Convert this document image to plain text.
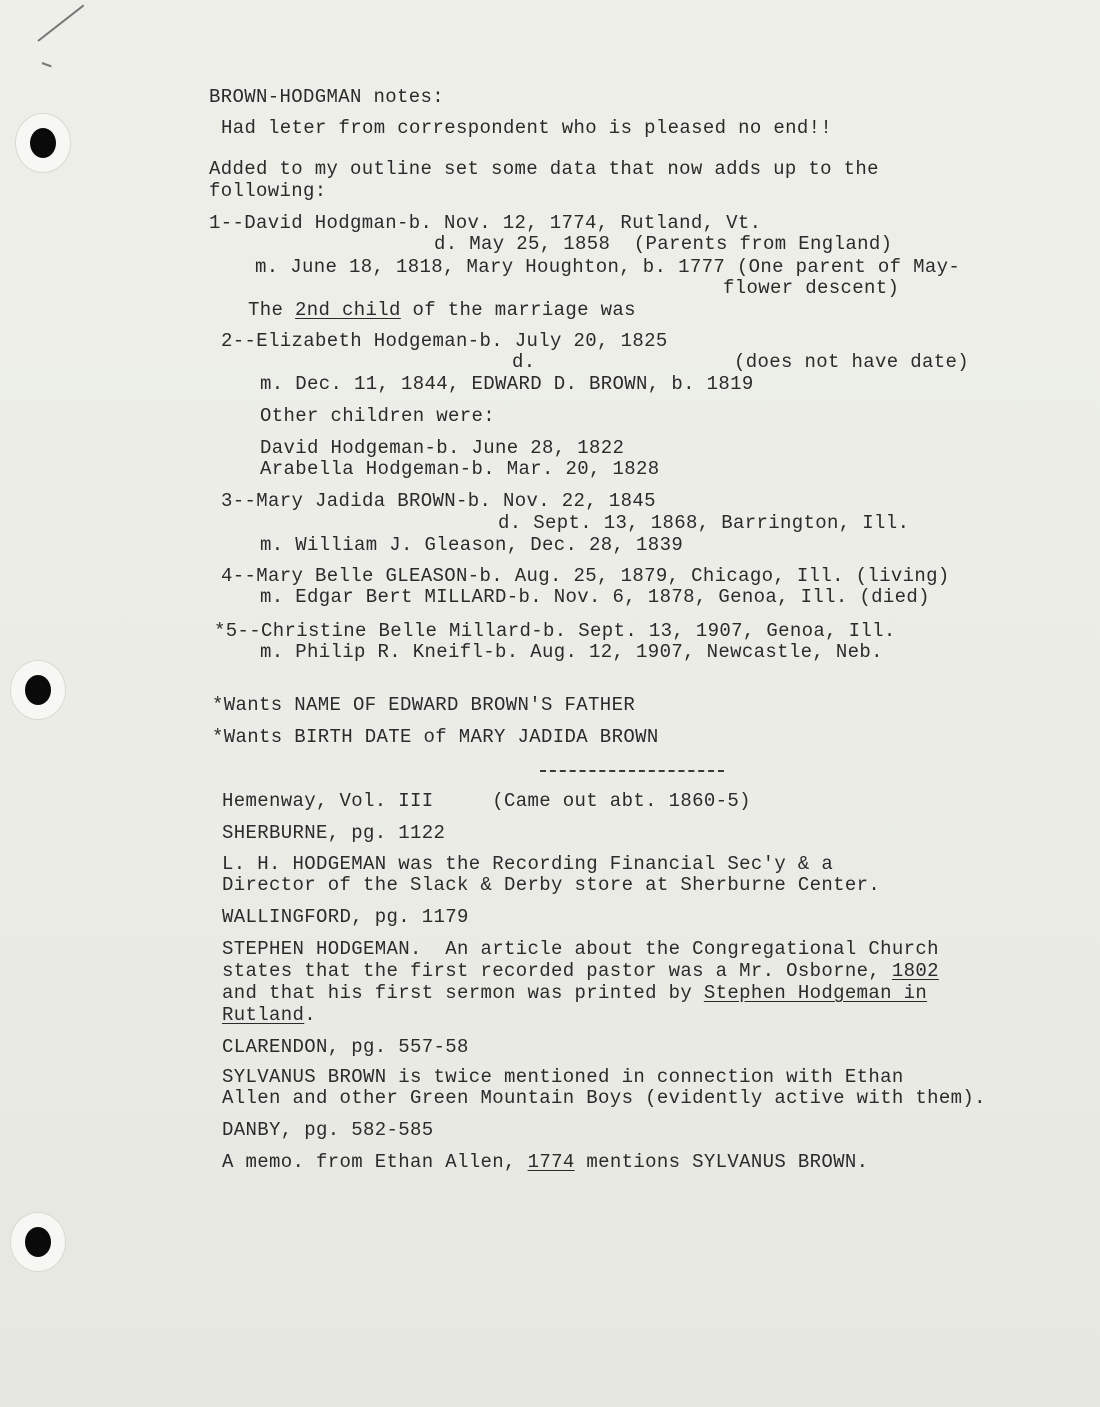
BROWN-HODGMAN notes:
Had leter from correspondent who is pleased no end!!
Added to my outline set some data that now adds up to the
following:
1--David Hodgman-b. Nov. 12, 1774, Rutland, Vt.
d. May 25, 1858  (Parents from England)
m. June 18, 1818, Mary Houghton, b. 1777 (One parent of May-
flower descent)
The 2nd child of the marriage was
2--Elizabeth Hodgeman-b. July 20, 1825
d.	(does not have date)
m. Dec. 11, 1844, EDWARD D. BROWN, b. 1819
Other children were:
David Hodgeman-b. June 28, 1822
Arabella Hodgeman-b. Mar. 20, 1828
3--Mary Jadida BROWN-b. Nov. 22, 1845
d. Sept. 13, 1868, Barrington, Ill.
m. William J. Gleason, Dec. 28, 1839
4--Mary Belle GLEASON-b. Aug. 25, 1879, Chicago, Ill. (living)
m. Edgar Bert MILLARD-b. Nov. 6, 1878, Genoa, Ill. (died)
*5--Christine Belle Millard-b. Sept. 13, 1907, Genoa, Ill.
m. Philip R. Kneifl-b. Aug. 12, 1907, Newcastle, Neb.
*Wants NAME OF EDWARD BROWN'S FATHER
*Wants BIRTH DATE of MARY JADIDA BROWN
Hemenway, Vol. III     (Came out abt. 1860-5)
SHERBURNE, pg. 1122
L. H. HODGEMAN was the Recording Financial Sec'y & a
Director of the Slack & Derby store at Sherburne Center.
WALLINGFORD, pg. 1179
STEPHEN HODGEMAN.  An article about the Congregational Church
states that the first recorded pastor was a Mr. Osborne, 1802
and that his first sermon was printed by Stephen Hodgeman in
Rutland.
CLARENDON, pg. 557-58
SYLVANUS BROWN is twice mentioned in connection with Ethan
Allen and other Green Mountain Boys (evidently active with them).
DANBY, pg. 582-585
A memo. from Ethan Allen, 1774 mentions SYLVANUS BROWN.
